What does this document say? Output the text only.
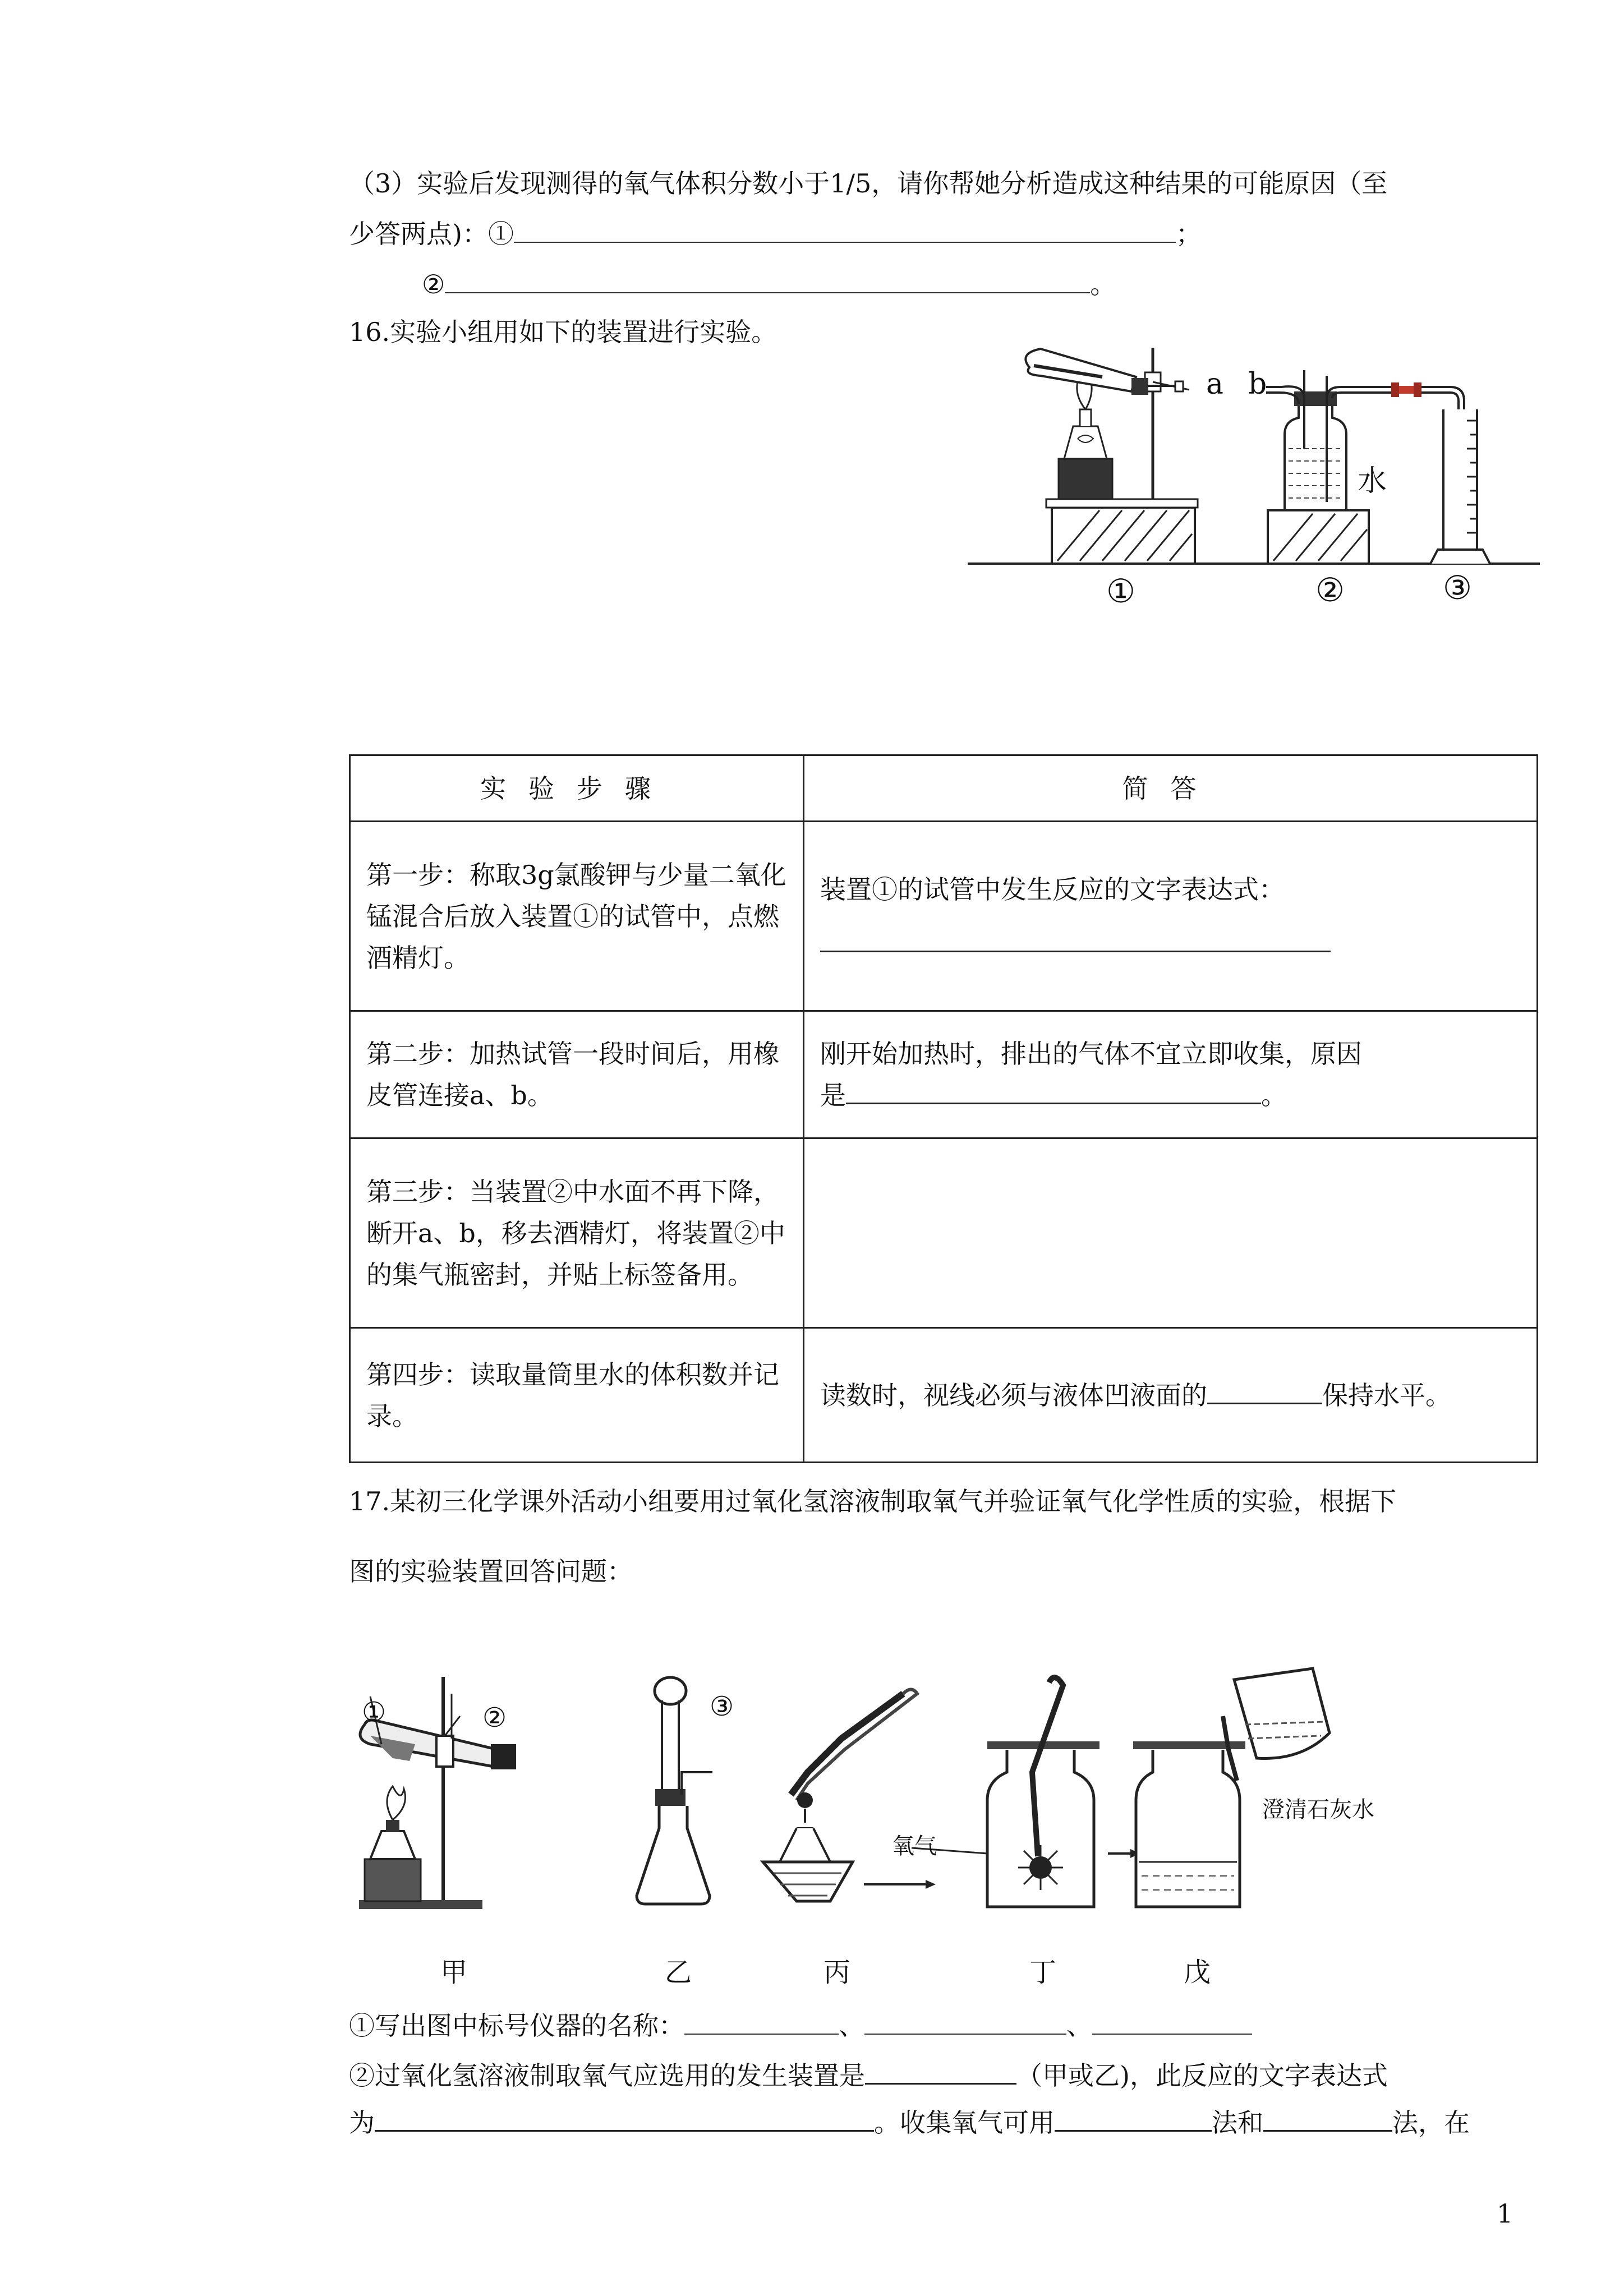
（3）实验后发现测得的氧气体积分数小于1/5，请你帮她分析造成这种结果的可能原因（至
少答两点)：①	；
②	。
16.实验小组用如下的装置进行实验。
a b
水
①	②	③
实验步骤	简答
第一步：称取3g氯酸钾与少量二氧化锰混合后放入装置①的试管中，点燃酒精灯。	装置①的试管中发生反应的文字表达式：

第二步：加热试管一段时间后，用橡皮管连接a、b。	刚开始加热时，排出的气体不宜立即收集，原因
是 。

第三步：当装置②中水面不再下降，断开a、b，移去酒精灯，将装置②中的集气瓶密封，并贴上标签备用。	
第四步：读取量筒里水的体积数并记录。	读数时，视线必须与液体凹液面的 保持水平。
17.某初三化学课外活动小组要用过氧化氢溶液制取氧气并验证氧气化学性质的实验，根据下
图的实验装置回答问题：
①	②	③
氧气
澄清石灰水
甲	乙	丙	丁	戊
①写出图中标号仪器的名称：	、	、
②过氧化氢溶液制取氧气应选用的发生装置是	（甲或乙)，此反应的文字表达式
为	。收集氧气可用	法和	法，在
1
